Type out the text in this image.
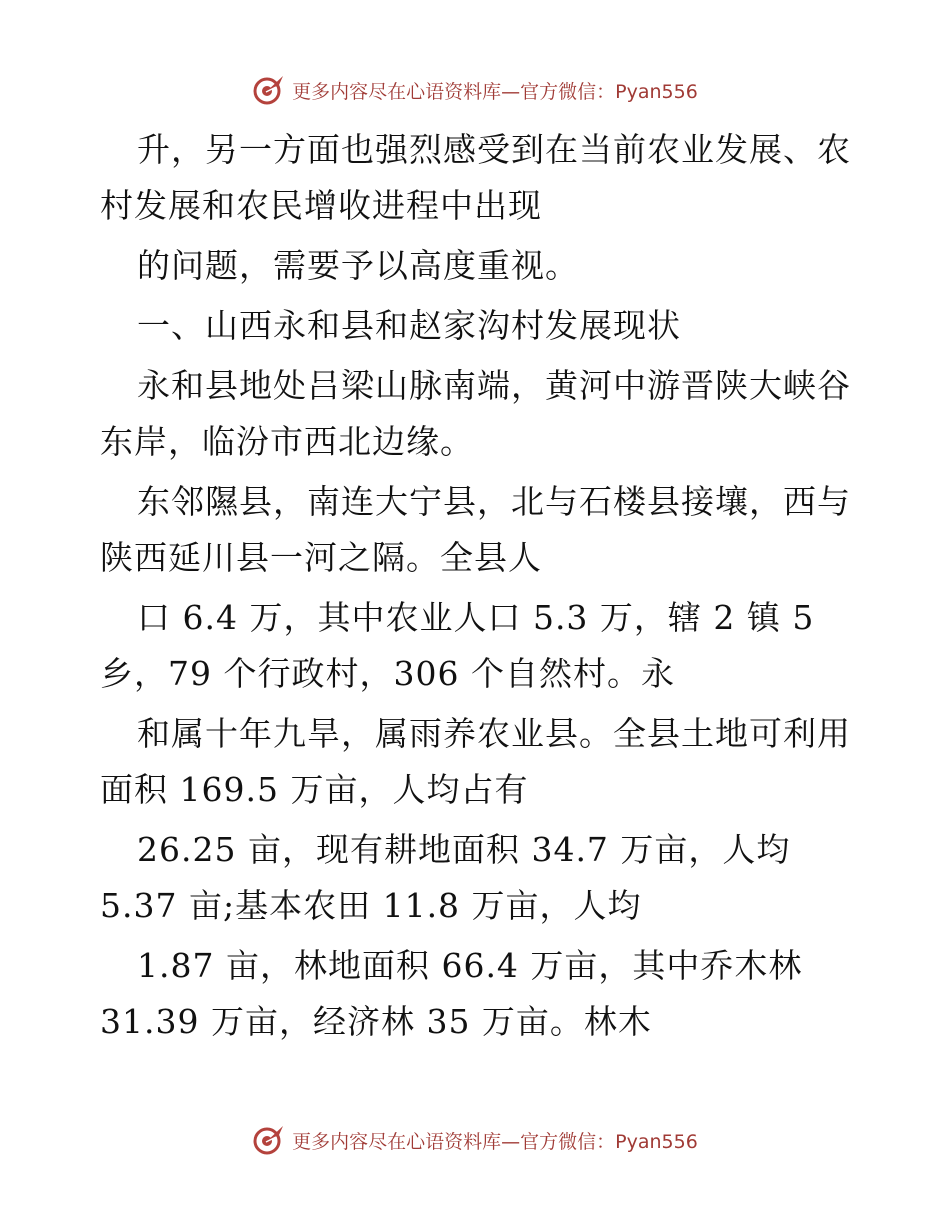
更多内容尽在心语资料库—官方微信：Pyan556
升，另一方面也强烈感受到在当前农业发展、农
村发展和农民增收进程中出现
的问题，需要予以高度重视。
一、山西永和县和赵家沟村发展现状
永和县地处吕梁山脉南端，黄河中游晋陕大峡谷
东岸，临汾市西北边缘。
东邻隰县，南连大宁县，北与石楼县接壤，西与
陕西延川县一河之隔。全县人
口 6.4 万，其中农业人口 5.3 万，辖 2 镇 5
乡，79 个行政村，306 个自然村。永
和属十年九旱，属雨养农业县。全县土地可利用
面积 169.5 万亩，人均占有
26.25 亩，现有耕地面积 34.7 万亩，人均
5.37 亩;基本农田 11.8 万亩，人均
1.87 亩，林地面积 66.4 万亩，其中乔木林
31.39 万亩，经济林 35 万亩。林木
更多内容尽在心语资料库—官方微信：Pyan556
